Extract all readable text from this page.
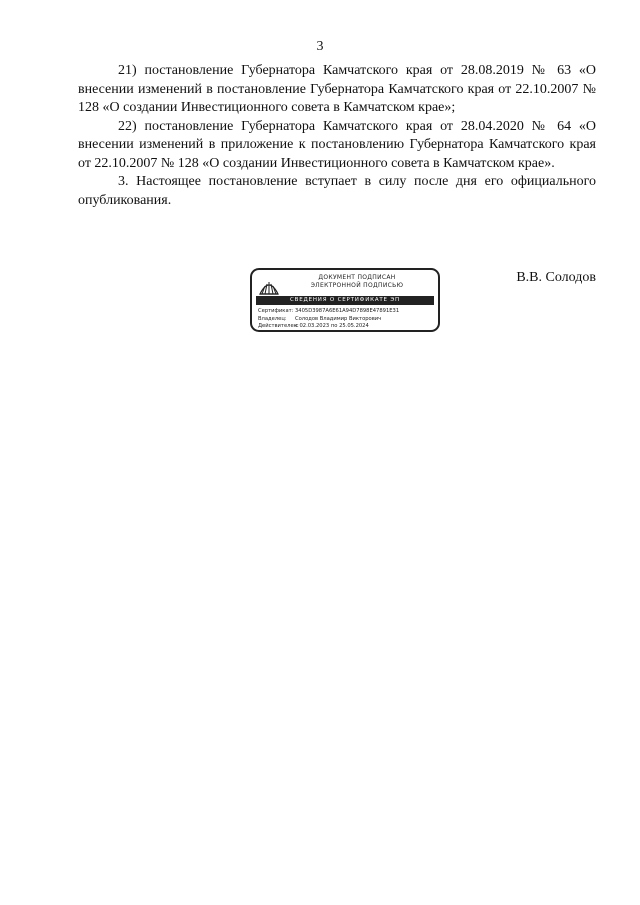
3

21) постановление Губернатора Камчатского края от 28.08.2019 № 63 «О внесении изменений в постановление Губернатора Камчатского края от 22.10.2007 № 128 «О создании Инвестиционного совета в Камчатском крае»;

22) постановление Губернатора Камчатского края от 28.04.2020 № 64 «О внесении изменений в приложение к постановлению Губернатора Камчатского края от 22.10.2007 № 128 «О создании Инвестиционного совета в Камчатском крае».

3. Настоящее постановление вступает в силу после дня его официального опубликования.

ДОКУМЕНТ ПОДПИСАН
ЭЛЕКТРОННОЙ ПОДПИСЬЮ
СВЕДЕНИЯ О СЕРТИФИКАТЕ ЭП
Сертификат: 3405D3987A6E61A94D7898E47891E31
Владелец: Солодов Владимир Викторович
Действителен:с 02.03.2023 по 25.05.2024
В.В. Солодов
